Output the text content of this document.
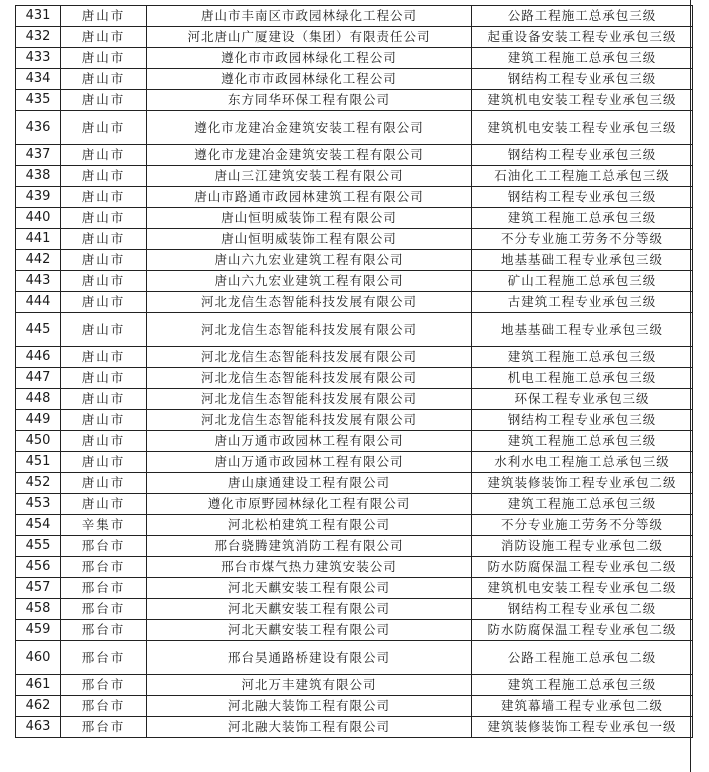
431	唐山市	唐山市丰南区市政园林绿化工程公司	公路工程施工总承包三级
432	唐山市	河北唐山广厦建设（集团）有限责任公司	起重设备安装工程专业承包三级
433	唐山市	遵化市市政园林绿化工程公司	建筑工程施工总承包三级
434	唐山市	遵化市市政园林绿化工程公司	钢结构工程专业承包三级
435	唐山市	东方同华环保工程有限公司	建筑机电安装工程专业承包三级
436	唐山市	遵化市龙建冶金建筑安装工程有限公司	建筑机电安装工程专业承包三级
437	唐山市	遵化市龙建冶金建筑安装工程有限公司	钢结构工程专业承包三级
438	唐山市	唐山三江建筑安装工程有限公司	石油化工工程施工总承包三级
439	唐山市	唐山市路通市政园林建筑工程有限公司	钢结构工程专业承包三级
440	唐山市	唐山恒明威装饰工程有限公司	建筑工程施工总承包三级
441	唐山市	唐山恒明威装饰工程有限公司	不分专业施工劳务不分等级
442	唐山市	唐山六九宏业建筑工程有限公司	地基基础工程专业承包三级
443	唐山市	唐山六九宏业建筑工程有限公司	矿山工程施工总承包三级
444	唐山市	河北龙信生态智能科技发展有限公司	古建筑工程专业承包三级
445	唐山市	河北龙信生态智能科技发展有限公司	地基基础工程专业承包三级
446	唐山市	河北龙信生态智能科技发展有限公司	建筑工程施工总承包三级
447	唐山市	河北龙信生态智能科技发展有限公司	机电工程施工总承包三级
448	唐山市	河北龙信生态智能科技发展有限公司	环保工程专业承包三级
449	唐山市	河北龙信生态智能科技发展有限公司	钢结构工程专业承包三级
450	唐山市	唐山万通市政园林工程有限公司	建筑工程施工总承包三级
451	唐山市	唐山万通市政园林工程有限公司	水利水电工程施工总承包三级
452	唐山市	唐山康通建设工程有限公司	建筑装修装饰工程专业承包二级
453	唐山市	遵化市原野园林绿化工程有限公司	建筑工程施工总承包三级
454	辛集市	河北松柏建筑工程有限公司	不分专业施工劳务不分等级
455	邢台市	邢台骁腾建筑消防工程有限公司	消防设施工程专业承包二级
456	邢台市	邢台市煤气热力建筑安装公司	防水防腐保温工程专业承包二级
457	邢台市	河北天麒安装工程有限公司	建筑机电安装工程专业承包二级
458	邢台市	河北天麒安装工程有限公司	钢结构工程专业承包二级
459	邢台市	河北天麒安装工程有限公司	防水防腐保温工程专业承包二级
460	邢台市	邢台昊通路桥建设有限公司	公路工程施工总承包二级
461	邢台市	河北万丰建筑有限公司	建筑工程施工总承包三级
462	邢台市	河北融大装饰工程有限公司	建筑幕墙工程专业承包二级
463	邢台市	河北融大装饰工程有限公司	建筑装修装饰工程专业承包一级
